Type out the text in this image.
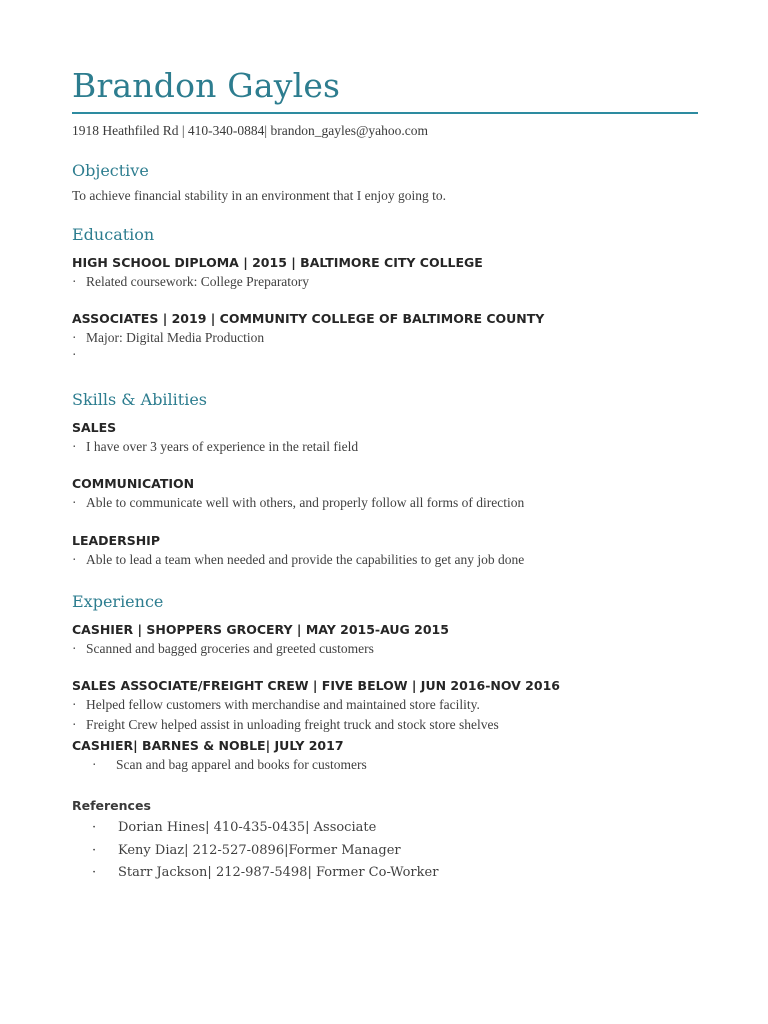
Brandon Gayles
1918 Heathfiled Rd | 410-340-0884| brandon_gayles@yahoo.com
Objective
To achieve financial stability in an environment that I enjoy going to.
Education
HIGH SCHOOL DIPLOMA | 2015 | BALTIMORE CITY COLLEGE
· Related coursework: College Preparatory
ASSOCIATES | 2019 | COMMUNITY COLLEGE OF BALTIMORE COUNTY
· Major: Digital Media Production
·
Skills & Abilities
SALES
· I have over 3 years of experience in the retail field
COMMUNICATION
· Able to communicate well with others, and properly follow all forms of direction
LEADERSHIP
· Able to lead a team when needed and provide the capabilities to get any job done
Experience
CASHIER | SHOPPERS GROCERY | MAY 2015-AUG 2015
· Scanned and bagged groceries and greeted customers
SALES ASSOCIATE/FREIGHT CREW | FIVE BELOW | JUN 2016-NOV 2016
· Helped fellow customers with merchandise and maintained store facility.
· Freight Crew helped assist in unloading freight truck and stock store shelves
CASHIER| BARNES & NOBLE| JULY 2017
· Scan and bag apparel and books for customers
References
· Dorian Hines| 410-435-0435| Associate
· Keny Diaz| 212-527-0896|Former Manager
· Starr Jackson| 212-987-5498| Former Co-Worker
